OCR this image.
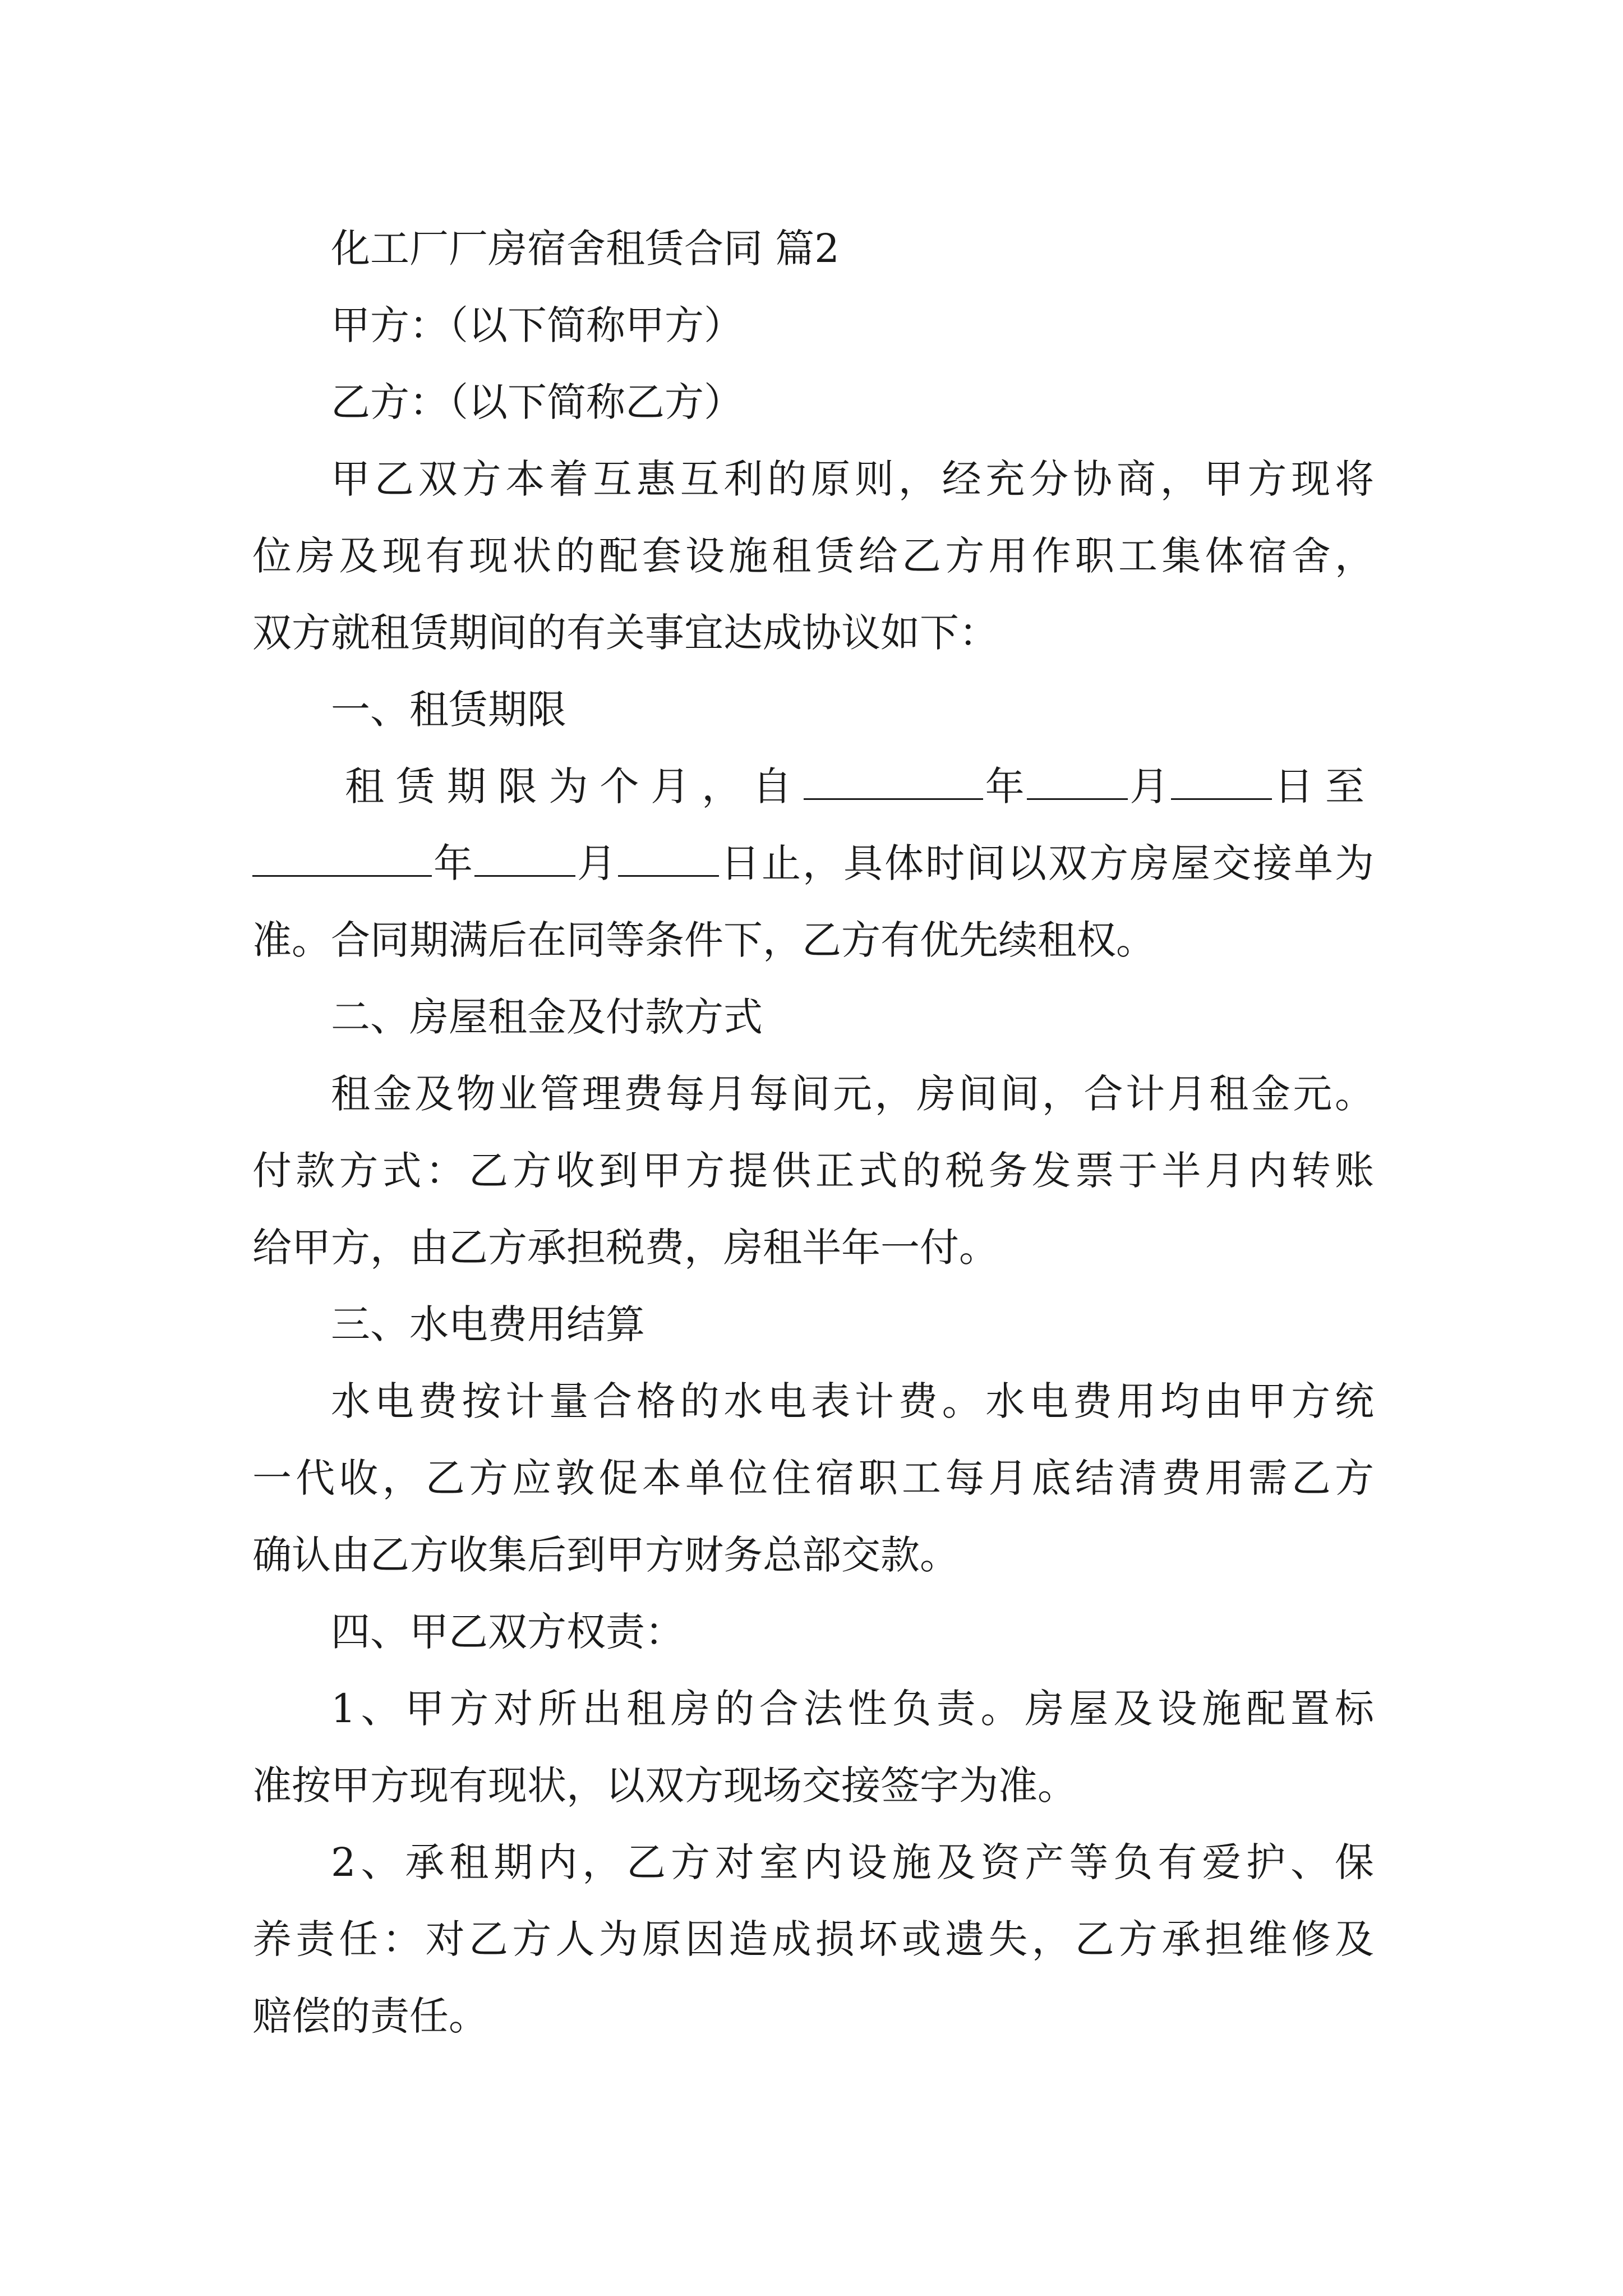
化工厂厂房宿舍租赁合同 篇2
甲方：（以下简称甲方）
乙方：（以下简称乙方）
甲乙双方本着互惠互利的原则，经充分协商，甲方现将
位房及现有现状的配套设施租赁给乙方用作职工集体宿舍，
双方就租赁期间的有关事宜达成协议如下：
一、租赁期限
租赁期限为个月，自	年	月	日至
年	月	日止，具体时间以双方房屋交接单为
准。合同期满后在同等条件下，乙方有优先续租权。
二、房屋租金及付款方式
租金及物业管理费每月每间元，房间间，合计月租金元。
付款方式：乙方收到甲方提供正式的税务发票于半月内转账
给甲方，由乙方承担税费，房租半年一付。
三、水电费用结算
水电费按计量合格的水电表计费。水电费用均由甲方统
一代收，乙方应敦促本单位住宿职工每月底结清费用需乙方
确认由乙方收集后到甲方财务总部交款。
四、甲乙双方权责：
1、甲方对所出租房的合法性负责。房屋及设施配置标
准按甲方现有现状，以双方现场交接签字为准。
2、承租期内，乙方对室内设施及资产等负有爱护、保
养责任：对乙方人为原因造成损坏或遗失，乙方承担维修及
赔偿的责任。
